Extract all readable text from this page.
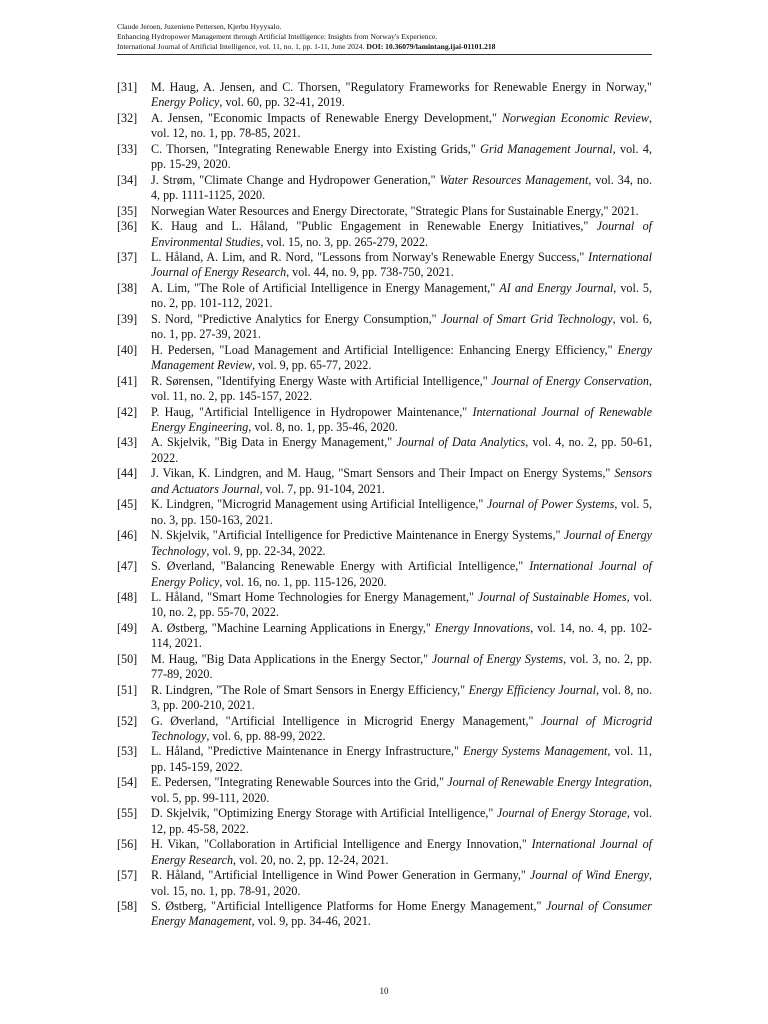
Claude Jeroen, Juzeniene Pettersen, Kjerbu Hyyysalo.
Enhancing Hydropower Management through Artificial Intelligence: Insights from Norway's Experience.
International Journal of Artificial Intelligence, vol. 11, no. 1, pp. 1-11, June 2024. DOI: 10.36079/lamintang.ijai-01101.218
[31]	M. Haug, A. Jensen, and C. Thorsen, "Regulatory Frameworks for Renewable Energy in Norway," Energy Policy, vol. 60, pp. 32-41, 2019.
[32]	A. Jensen, "Economic Impacts of Renewable Energy Development," Norwegian Economic Review, vol. 12, no. 1, pp. 78-85, 2021.
[33]	C. Thorsen, "Integrating Renewable Energy into Existing Grids," Grid Management Journal, vol. 4, pp. 15-29, 2020.
[34]	J. Strøm, "Climate Change and Hydropower Generation," Water Resources Management, vol. 34, no. 4, pp. 1111-1125, 2020.
[35]	Norwegian Water Resources and Energy Directorate, "Strategic Plans for Sustainable Energy," 2021.
[36]	K. Haug and L. Håland, "Public Engagement in Renewable Energy Initiatives," Journal of Environmental Studies, vol. 15, no. 3, pp. 265-279, 2022.
[37]	L. Håland, A. Lim, and R. Nord, "Lessons from Norway's Renewable Energy Success," International Journal of Energy Research, vol. 44, no. 9, pp. 738-750, 2021.
[38]	A. Lim, "The Role of Artificial Intelligence in Energy Management," AI and Energy Journal, vol. 5, no. 2, pp. 101-112, 2021.
[39]	S. Nord, "Predictive Analytics for Energy Consumption," Journal of Smart Grid Technology, vol. 6, no. 1, pp. 27-39, 2021.
[40]	H. Pedersen, "Load Management and Artificial Intelligence: Enhancing Energy Efficiency," Energy Management Review, vol. 9, pp. 65-77, 2022.
[41]	R. Sørensen, "Identifying Energy Waste with Artificial Intelligence," Journal of Energy Conservation, vol. 11, no. 2, pp. 145-157, 2022.
[42]	P. Haug, "Artificial Intelligence in Hydropower Maintenance," International Journal of Renewable Energy Engineering, vol. 8, no. 1, pp. 35-46, 2020.
[43]	A. Skjelvik, "Big Data in Energy Management," Journal of Data Analytics, vol. 4, no. 2, pp. 50-61, 2022.
[44]	J. Vikan, K. Lindgren, and M. Haug, "Smart Sensors and Their Impact on Energy Systems," Sensors and Actuators Journal, vol. 7, pp. 91-104, 2021.
[45]	K. Lindgren, "Microgrid Management using Artificial Intelligence," Journal of Power Systems, vol. 5, no. 3, pp. 150-163, 2021.
[46]	N. Skjelvik, "Artificial Intelligence for Predictive Maintenance in Energy Systems," Journal of Energy Technology, vol. 9, pp. 22-34, 2022.
[47]	S. Øverland, "Balancing Renewable Energy with Artificial Intelligence," International Journal of Energy Policy, vol. 16, no. 1, pp. 115-126, 2020.
[48]	L. Håland, "Smart Home Technologies for Energy Management," Journal of Sustainable Homes, vol. 10, no. 2, pp. 55-70, 2022.
[49]	A. Østberg, "Machine Learning Applications in Energy," Energy Innovations, vol. 14, no. 4, pp. 102-114, 2021.
[50]	M. Haug, "Big Data Applications in the Energy Sector," Journal of Energy Systems, vol. 3, no. 2, pp. 77-89, 2020.
[51]	R. Lindgren, "The Role of Smart Sensors in Energy Efficiency," Energy Efficiency Journal, vol. 8, no. 3, pp. 200-210, 2021.
[52]	G. Øverland, "Artificial Intelligence in Microgrid Energy Management," Journal of Microgrid Technology, vol. 6, pp. 88-99, 2022.
[53]	L. Håland, "Predictive Maintenance in Energy Infrastructure," Energy Systems Management, vol. 11, pp. 145-159, 2022.
[54]	E. Pedersen, "Integrating Renewable Sources into the Grid," Journal of Renewable Energy Integration, vol. 5, pp. 99-111, 2020.
[55]	D. Skjelvik, "Optimizing Energy Storage with Artificial Intelligence," Journal of Energy Storage, vol. 12, pp. 45-58, 2022.
[56]	H. Vikan, "Collaboration in Artificial Intelligence and Energy Innovation," International Journal of Energy Research, vol. 20, no. 2, pp. 12-24, 2021.
[57]	R. Håland, "Artificial Intelligence in Wind Power Generation in Germany," Journal of Wind Energy, vol. 15, no. 1, pp. 78-91, 2020.
[58]	S. Østberg, "Artificial Intelligence Platforms for Home Energy Management," Journal of Consumer Energy Management, vol. 9, pp. 34-46, 2021.
10
